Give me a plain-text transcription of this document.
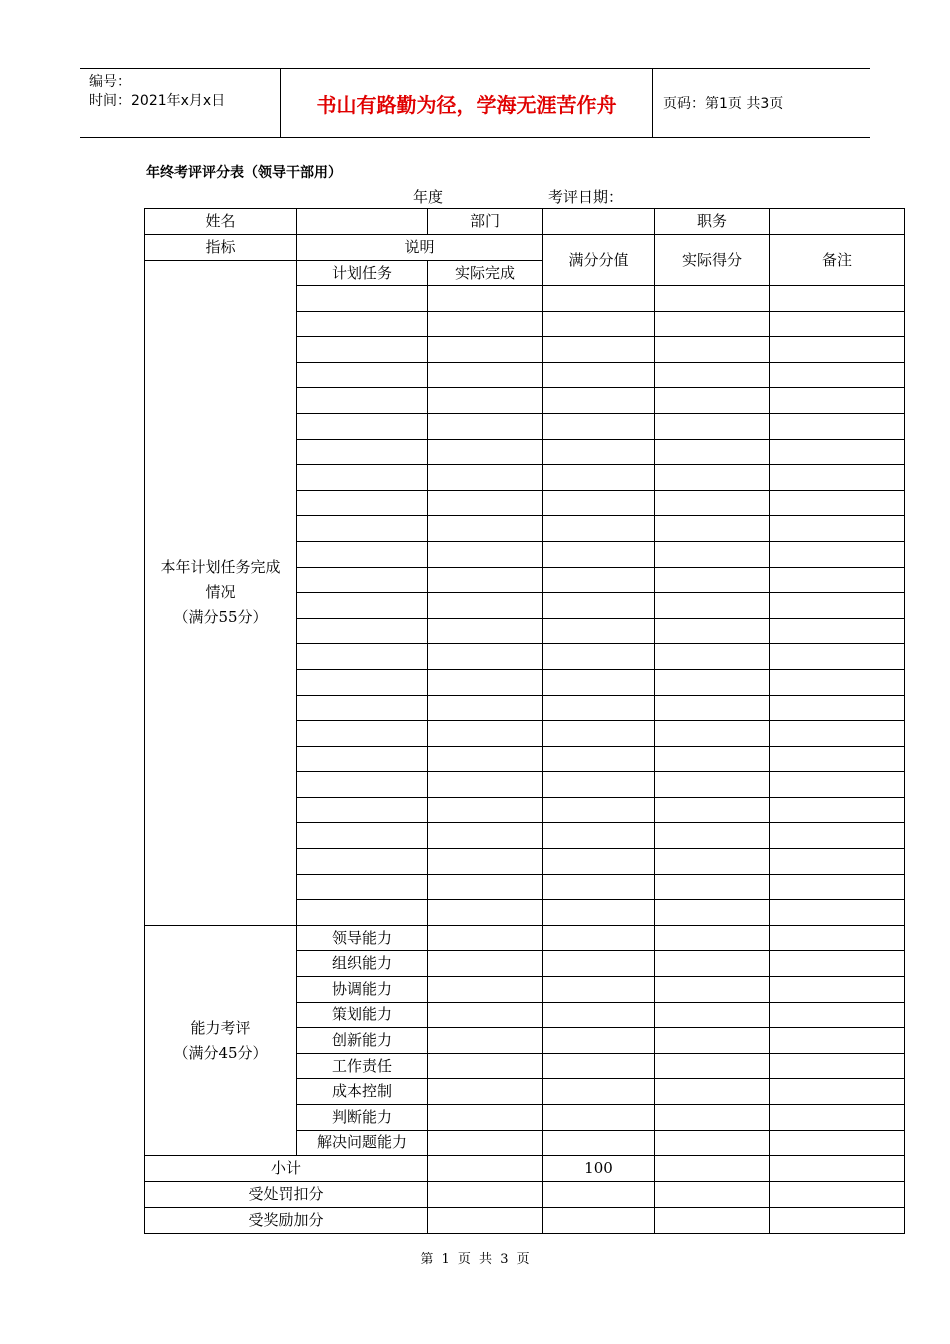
编号：
时间：2021年x月x日	书山有路勤为径，学海无涯苦作舟	页码：第1页 共3页
年终考评评分表（领导干部用）
年度	考评日期：
姓名		部门		职务	
指标	说明		满分分值	实际得分	备注

本年计划任务完成
情况
（满分55分）	计划任务	实际完成			

能力考评
（满分45分）	领导能力				
	组织能力				
	协调能力				
	策划能力				
	创新能力				
	工作责任				
	成本控制				
	判断能力				
	解决问题能力				
小计			100		
受处罚扣分					
受奖励加分					
第 1 页 共 3 页
